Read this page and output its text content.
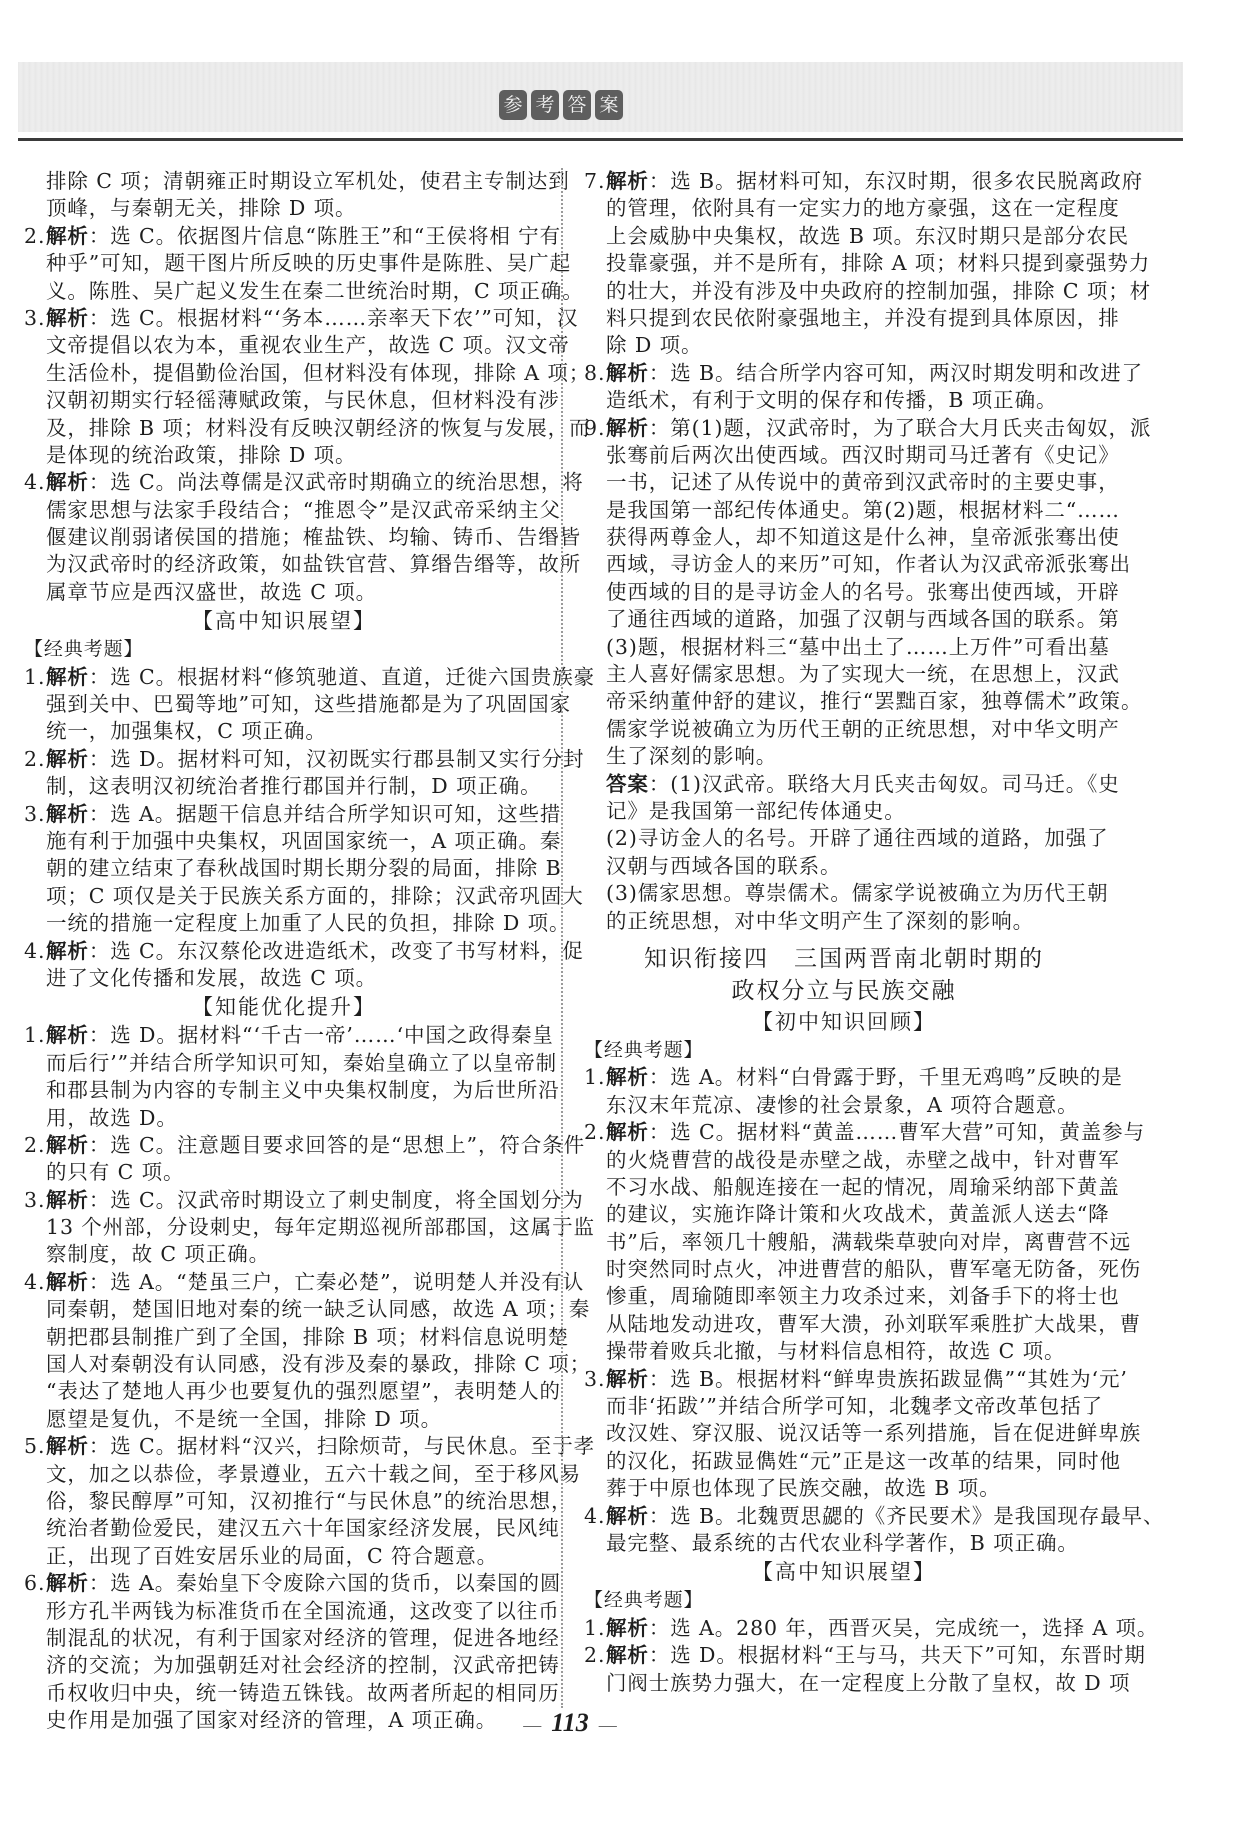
参 考 答 案
排除 C 项；清朝雍正时期设立军机处，使君主专制达到
顶峰，与秦朝无关，排除 D 项。
2.解析：选 C。依据图片信息“陈胜王”和“王侯将相 宁有
种乎”可知，题干图片所反映的历史事件是陈胜、吴广起
义。陈胜、吴广起义发生在秦二世统治时期，C 项正确。
3.解析：选 C。根据材料“‘务本……亲率天下农’”可知，汉
文帝提倡以农为本，重视农业生产，故选 C 项。汉文帝
生活俭朴，提倡勤俭治国，但材料没有体现，排除 A 项；
汉朝初期实行轻徭薄赋政策，与民休息，但材料没有涉
及，排除 B 项；材料没有反映汉朝经济的恢复与发展，而
是体现的统治政策，排除 D 项。
4.解析：选 C。尚法尊儒是汉武帝时期确立的统治思想，将
儒家思想与法家手段结合；“推恩令”是汉武帝采纳主父
偃建议削弱诸侯国的措施；榷盐铁、均输、铸币、告缗皆
为汉武帝时的经济政策，如盐铁官营、算缗告缗等，故所
属章节应是西汉盛世，故选 C 项。
【高中知识展望】
【经典考题】
1.解析：选 C。根据材料“修筑驰道、直道，迁徙六国贵族豪
强到关中、巴蜀等地”可知，这些措施都是为了巩固国家
统一，加强集权，C 项正确。
2.解析：选 D。据材料可知，汉初既实行郡县制又实行分封
制，这表明汉初统治者推行郡国并行制，D 项正确。
3.解析：选 A。据题干信息并结合所学知识可知，这些措
施有利于加强中央集权，巩固国家统一，A 项正确。秦
朝的建立结束了春秋战国时期长期分裂的局面，排除 B
项；C 项仅是关于民族关系方面的，排除；汉武帝巩固大
一统的措施一定程度上加重了人民的负担，排除 D 项。
4.解析：选 C。东汉蔡伦改进造纸术，改变了书写材料，促
进了文化传播和发展，故选 C 项。
【知能优化提升】
1.解析：选 D。据材料“‘千古一帝’……‘中国之政得秦皇
而后行’”并结合所学知识可知，秦始皇确立了以皇帝制
和郡县制为内容的专制主义中央集权制度，为后世所沿
用，故选 D。
2.解析：选 C。注意题目要求回答的是“思想上”，符合条件
的只有 C 项。
3.解析：选 C。汉武帝时期设立了刺史制度，将全国划分为
13 个州部，分设刺史，每年定期巡视所部郡国，这属于监
察制度，故 C 项正确。
4.解析：选 A。“楚虽三户，亡秦必楚”，说明楚人并没有认
同秦朝，楚国旧地对秦的统一缺乏认同感，故选 A 项；秦
朝把郡县制推广到了全国，排除 B 项；材料信息说明楚
国人对秦朝没有认同感，没有涉及秦的暴政，排除 C 项；
“表达了楚地人再少也要复仇的强烈愿望”，表明楚人的
愿望是复仇，不是统一全国，排除 D 项。
5.解析：选 C。据材料“汉兴，扫除烦苛，与民休息。至于孝
文，加之以恭俭，孝景遵业，五六十载之间，至于移风易
俗，黎民醇厚”可知，汉初推行“与民休息”的统治思想，
统治者勤俭爱民，建汉五六十年国家经济发展，民风纯
正，出现了百姓安居乐业的局面，C 符合题意。
6.解析：选 A。秦始皇下令废除六国的货币，以秦国的圆
形方孔半两钱为标准货币在全国流通，这改变了以往币
制混乱的状况，有利于国家对经济的管理，促进各地经
济的交流；为加强朝廷对社会经济的控制，汉武帝把铸
币权收归中央，统一铸造五铢钱。故两者所起的相同历
史作用是加强了国家对经济的管理，A 项正确。
7.解析：选 B。据材料可知，东汉时期，很多农民脱离政府
的管理，依附具有一定实力的地方豪强，这在一定程度
上会威胁中央集权，故选 B 项。东汉时期只是部分农民
投靠豪强，并不是所有，排除 A 项；材料只提到豪强势力
的壮大，并没有涉及中央政府的控制加强，排除 C 项；材
料只提到农民依附豪强地主，并没有提到具体原因，排
除 D 项。
8.解析：选 B。结合所学内容可知，两汉时期发明和改进了
造纸术，有利于文明的保存和传播，B 项正确。
9.解析：第(1)题，汉武帝时，为了联合大月氏夹击匈奴，派
张骞前后两次出使西域。西汉时期司马迁著有《史记》
一书，记述了从传说中的黄帝到汉武帝时的主要史事，
是我国第一部纪传体通史。第(2)题，根据材料二“……
获得两尊金人，却不知道这是什么神，皇帝派张骞出使
西域，寻访金人的来历”可知，作者认为汉武帝派张骞出
使西域的目的是寻访金人的名号。张骞出使西域，开辟
了通往西域的道路，加强了汉朝与西域各国的联系。第
(3)题，根据材料三“墓中出土了……上万件”可看出墓
主人喜好儒家思想。为了实现大一统，在思想上，汉武
帝采纳董仲舒的建议，推行“罢黜百家，独尊儒术”政策。
儒家学说被确立为历代王朝的正统思想，对中华文明产
生了深刻的影响。
答案：(1)汉武帝。联络大月氏夹击匈奴。司马迁。《史
记》是我国第一部纪传体通史。
(2)寻访金人的名号。开辟了通往西域的道路，加强了
汉朝与西域各国的联系。
(3)儒家思想。尊崇儒术。儒家学说被确立为历代王朝
的正统思想，对中华文明产生了深刻的影响。
知识衔接四　三国两晋南北朝时期的
政权分立与民族交融
【初中知识回顾】
【经典考题】
1.解析：选 A。材料“白骨露于野，千里无鸡鸣”反映的是
东汉末年荒凉、凄惨的社会景象，A 项符合题意。
2.解析：选 C。据材料“黄盖……曹军大营”可知，黄盖参与
的火烧曹营的战役是赤壁之战，赤壁之战中，针对曹军
不习水战、船舰连接在一起的情况，周瑜采纳部下黄盖
的建议，实施诈降计策和火攻战术，黄盖派人送去“降
书”后，率领几十艘船，满载柴草驶向对岸，离曹营不远
时突然同时点火，冲进曹营的船队，曹军毫无防备，死伤
惨重，周瑜随即率领主力攻杀过来，刘备手下的将士也
从陆地发动进攻，曹军大溃，孙刘联军乘胜扩大战果，曹
操带着败兵北撤，与材料信息相符，故选 C 项。
3.解析：选 B。根据材料“鲜卑贵族拓跋显儁”“其姓为‘元’
而非‘拓跋’”并结合所学可知，北魏孝文帝改革包括了
改汉姓、穿汉服、说汉话等一系列措施，旨在促进鲜卑族
的汉化，拓跋显儁姓“元”正是这一改革的结果，同时他
葬于中原也体现了民族交融，故选 B 项。
4.解析：选 B。北魏贾思勰的《齐民要术》是我国现存最早、
最完整、最系统的古代农业科学著作，B 项正确。
【高中知识展望】
【经典考题】
1.解析：选 A。280 年，西晋灭吴，完成统一，选择 A 项。
2.解析：选 D。根据材料“王与马，共天下”可知，东晋时期
门阀士族势力强大，在一定程度上分散了皇权，故 D 项
— 113 —
